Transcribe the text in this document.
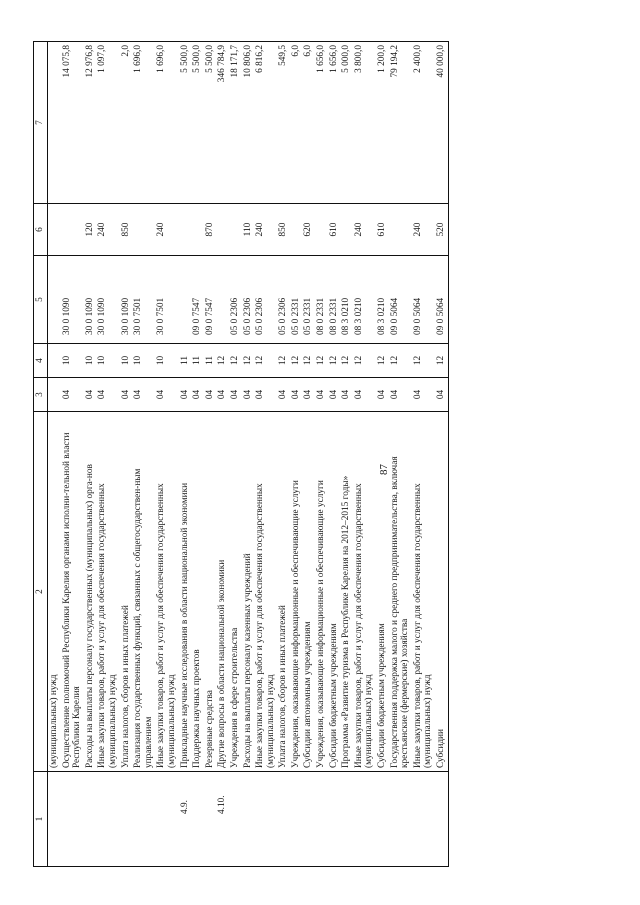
87
1	2	3	4	5	6	7
	(муниципальных) нужд					
	Осуществление полномочий Республики Карелия органами исполни-тельной власти Республики Карелия	04	10	30 0 1090		14 075,8
	Расходы на выплаты персоналу государственных (муниципальных) орга-нов	04	10	30 0 1090	120	12 976,8
	Иные закупки товаров, работ и услуг для обеспечения государственных (муниципальных) нужд	04	10	30 0 1090	240	1 097,0
	Уплата налогов, сборов и иных платежей	04	10	30 0 1090	850	2,0
	Реализация государственных функций, связанных с общегосударствен-ным управлением	04	10	30 0 7501		1 696,0
	Иные закупки товаров, работ и услуг для обеспечения государственных (муниципальных) нужд	04	10	30 0 7501	240	1 696,0
4.9.	Прикладные научные исследования в области национальной экономики	04	11			5 500,0
	Поддержка научных проектов	04	11	09 0 7547		5 500,0
	Резервные средства	04	11	09 0 7547	870	5 500,0
4.10.	Другие вопросы в области национальной экономики	04	12			346 784,9
	Учреждения в сфере строительства	04	12	05 0 2306		18 171,7
	Расходы на выплаты персоналу казенных учреждений	04	12	05 0 2306	110	10 806,0
	Иные закупки товаров, работ и услуг для обеспечения государственных (муниципальных) нужд	04	12	05 0 2306	240	6 816,2
	Уплата налогов, сборов и иных платежей	04	12	05 0 2306	850	549,5
	Учреждения, оказывающие информационные и обеспечивающие услуги	04	12	05 0 2331		6,0
	Субсидии автономным учреждениям	04	12	05 0 2331	620	6,0
	Учреждения, оказывающие информационные и обеспечивающие услуги	04	12	08 0 2331		1 656,0
	Субсидии бюджетным учреждениям	04	12	08 0 2331	610	1 656,0
	Программа «Развитие туризма в Республике Карелия на 2012–2015 годы»	04	12	08 3 0210		5 000,0
	Иные закупки товаров, работ и услуг для обеспечения государственных (муниципальных) нужд	04	12	08 3 0210	240	3 800,0
	Субсидии бюджетным учреждениям	04	12	08 3 0210	610	1 200,0
	Государственная поддержка малого и среднего предпринимательства, включая крестьянские (фермерские) хозяйства	04	12	09 0 5064		79 194,2
	Иные закупки товаров, работ и услуг для обеспечения государственных (муниципальных) нужд	04	12	09 0 5064	240	2 400,0
	Субсидии	04	12	09 0 5064	520	40 000,0
